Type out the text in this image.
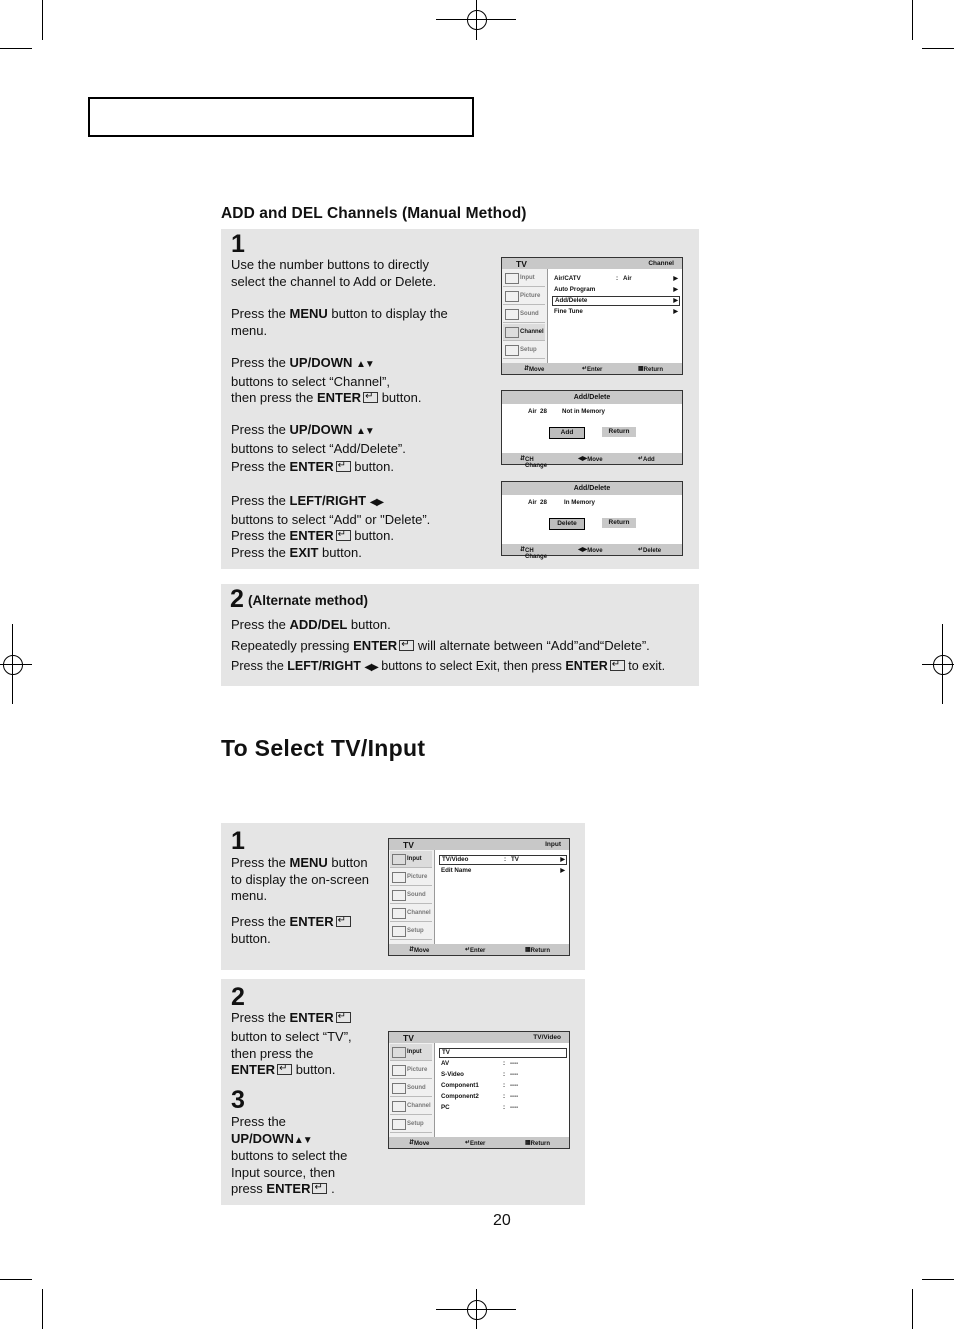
ADD and DEL Channels (Manual Method)
1
Use the number buttons to directly select the channel to Add or Delete.
Press the MENU button to display the menu.
Press the UP/DOWN ▲▼
buttons to select “Channel”,
then press the ENTER↵ button.
Press the UP/DOWN ▲▼
buttons to select “Add/Delete”.
Press the ENTER↵ button.
Press the LEFT/RIGHT ◀▶
buttons to select “Add" or "Delete”.
Press the ENTER↵ button.
Press the EXIT button.
TV	Channel
Input
Picture
Sound
Channel
Setup
Air/CATV	: Air	▶
Auto Program	▶
Add/Delete	▶
Fine Tune	▶
⇵ Move	↵ Enter	▦ Return
Add/Delete
Air  28 Not in Memory
Add	Return
⇵ CH Change
◀▶ Move	↵ Add
Add/Delete
Air  28	In Memory
Delete	Return
⇵ CH Change
◀▶ Move	↵ Delete
2 (Alternate method)
Press the ADD/DEL button.
Repeatedly pressing ENTER↵ will alternate between “Add”and“Delete”.
Press the LEFT/RIGHT ◀▶ buttons to select Exit, then press ENTER↵ to exit.
To Select TV/Input
1
Press the MENU button to display the on-screen menu.
Press the ENTER↵
button.
TV	Input
Input
Picture
Sound
Channel
Setup
TV/Video	: TV	▶
Edit Name	▶
⇵ Move	↵ Enter	▦ Return
2
Press the ENTER↵
button to select “TV”, then press the
ENTER↵ button.
3
Press the
UP/DOWN▲▼
buttons to select the Input source, then
press ENTER↵ .
TV	TV/Video
Input
Picture
Sound
Channel
Setup
TV
AV	: ----
S-Video	: ----
Component1	: ----
Component2	: ----
PC	: ----
⇵ Move	↵ Enter	▦ Return
20
